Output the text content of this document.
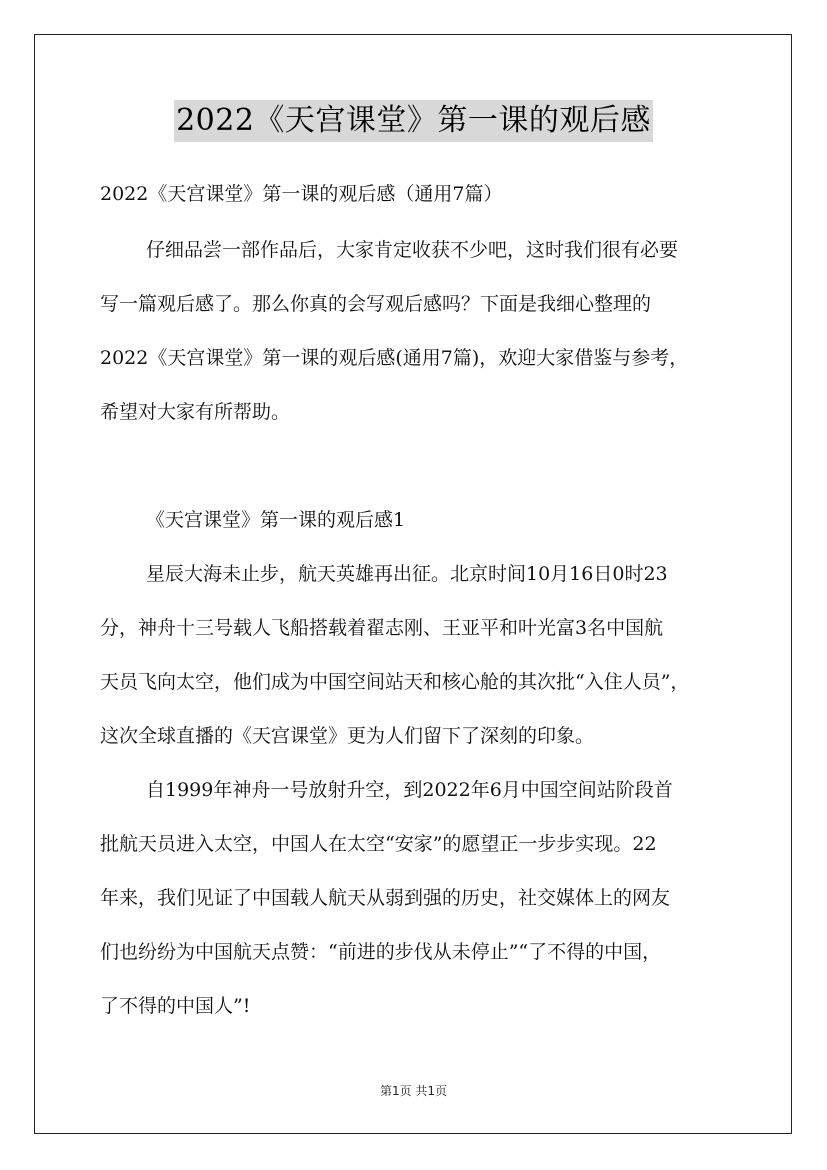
2022《天宫课堂》第一课的观后感
2022《天宫课堂》第一课的观后感（通用7篇）
仔细品尝一部作品后，大家肯定收获不少吧，这时我们很有必要
写一篇观后感了。那么你真的会写观后感吗？下面是我细心整理的
2022《天宫课堂》第一课的观后感(通用7篇)，欢迎大家借鉴与参考，
希望对大家有所帮助。
《天宫课堂》第一课的观后感1
星辰大海未止步，航天英雄再出征。北京时间10月16日0时23
分，神舟十三号载人飞船搭载着翟志刚、王亚平和叶光富3名中国航
天员飞向太空，他们成为中国空间站天和核心舱的其次批“入住人员”，
这次全球直播的《天宫课堂》更为人们留下了深刻的印象。
自1999年神舟一号放射升空，到2022年6月中国空间站阶段首
批航天员进入太空，中国人在太空“安家”的愿望正一步步实现。22
年来，我们见证了中国载人航天从弱到强的历史，社交媒体上的网友
们也纷纷为中国航天点赞：“前进的步伐从未停止”“了不得的中国，
了不得的中国人”!
第1页 共1页
